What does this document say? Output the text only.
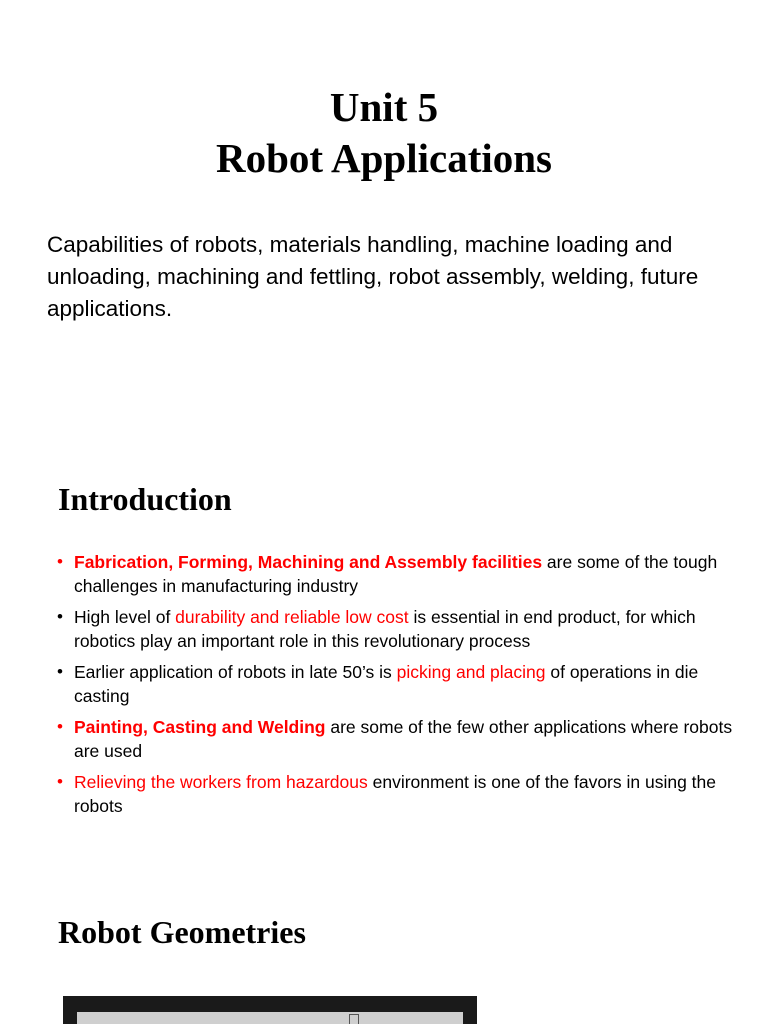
Unit 5
Robot Applications

Capabilities of robots, materials handling, machine loading and unloading, machining and fettling, robot assembly, welding, future applications.

Introduction
• Fabrication, Forming, Machining and Assembly facilities are some of the tough challenges in manufacturing industry
• High level of durability and reliable low cost is essential in end product, for which robotics play an important role in this revolutionary process
• Earlier application of robots in late 50’s is picking and placing of operations in die casting
• Painting, Casting and Welding are some of the few other applications where robots are used
• Relieving the workers from hazardous environment is one of the favors in using the robots
Robot Geometries
